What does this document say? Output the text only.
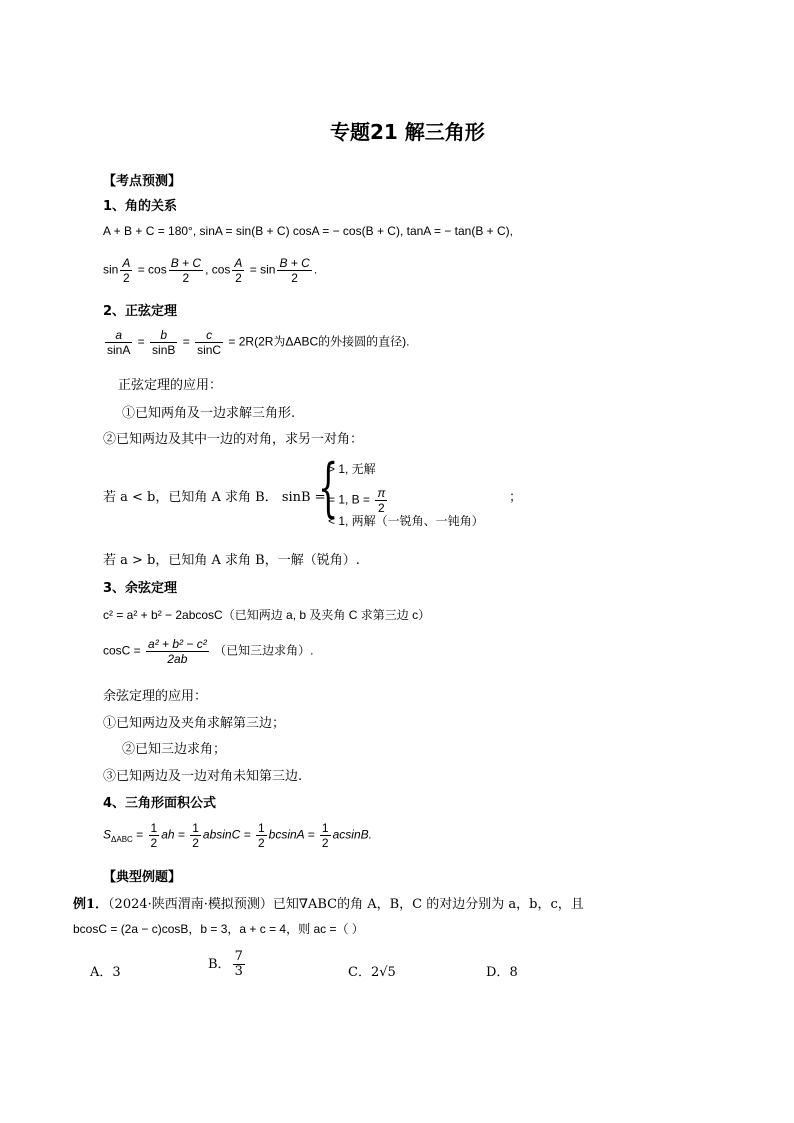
专题21 解三角形
【考点预测】
1、角的关系
A + B + C = 180°, sinA = sin(B + C) cosA = − cos(B + C), tanA = − tan(B + C),
$\sin \frac{A}{2} = \cos \frac{B + C}{2}$ , $\cos \frac{A}{2} = \sin \frac{B + C}{2}$ .
2、正弦定理
$\frac{a}{\sin A} = \frac{b}{\sin B} = \frac{c}{\sin C} = 2R(2R$为ΔABC的外接圆的直径).
正弦定理的应用：
①已知两角及一边求解三角形.
②已知两边及其中一边的对角，求另一对角：
若 a < b，已知角 A 求角 B． sinB =
{
> 1, 无解
= 1, $B = \frac{\pi}{2}$
< 1, 两解（一锐角、一钝角）
；
若 a > b，已知角 A 求角 B，一解（锐角）.
3、余弦定理
c² = a² + b² − 2abcosC（已知两边 a, b 及夹角 C 求第三边 c）
$\cos C = \frac{\text{a² + b² − c²}}{2ab}$ （已知三边求角）.
余弦定理的应用：
①已知两边及夹角求解第三边；
②已知三边求角；
③已知两边及一边对角未知第三边.
4、三角形面积公式
$S_{\Delta ABC} = \frac{1}{2}$ ah = $\frac{1}{2}$ $absinC = \frac{1}{2}$ $bcsinA = \frac{1}{2} acsinB$.
【典型例题】
例1．（2024·陕西渭南·模拟预测）已知∇ABC的角 A，B，C 的对边分别为 a，b，c，且
bcosC = (2a − c)cosB，b = 3，a + c = 4，则 ac =（ ）
A．3
B． $\frac{7}{3}$	C．2√5	D．8
